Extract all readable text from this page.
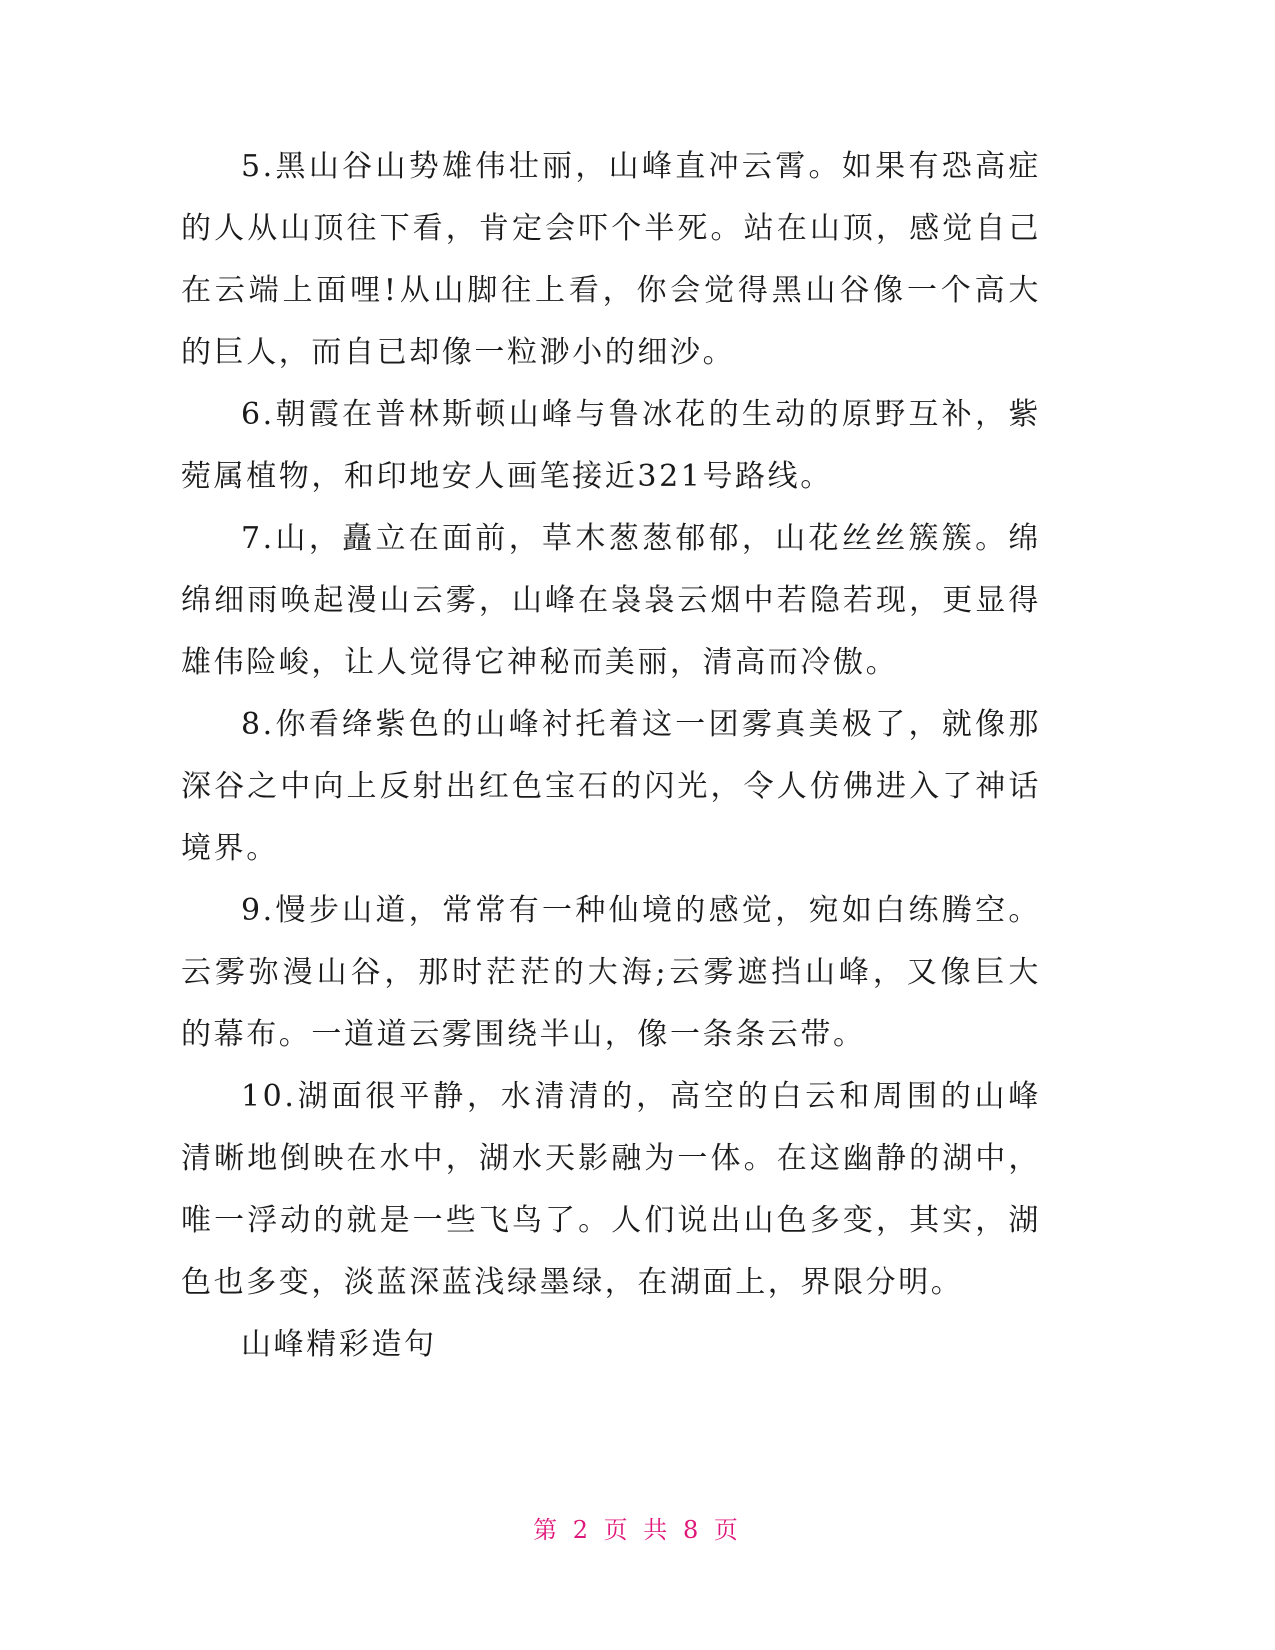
5.黑山谷山势雄伟壮丽，山峰直冲云霄。如果有恐高症的人从山顶往下看，肯定会吓个半死。站在山顶，感觉自己在云端上面哩!从山脚往上看，你会觉得黑山谷像一个高大的巨人，而自已却像一粒渺小的细沙。

6.朝霞在普林斯顿山峰与鲁冰花的生动的原野互补，紫菀属植物，和印地安人画笔接近321号路线。

7.山，矗立在面前，草木葱葱郁郁，山花丝丝簇簇。绵绵细雨唤起漫山云雾，山峰在袅袅云烟中若隐若现，更显得雄伟险峻，让人觉得它神秘而美丽，清高而冷傲。

8.你看绛紫色的山峰衬托着这一团雾真美极了，就像那深谷之中向上反射出红色宝石的闪光，令人仿佛进入了神话境界。

9.慢步山道，常常有一种仙境的感觉，宛如白练腾空。云雾弥漫山谷，那时茫茫的大海;云雾遮挡山峰，又像巨大的幕布。一道道云雾围绕半山，像一条条云带。

10.湖面很平静，水清清的，高空的白云和周围的山峰清晰地倒映在水中，湖水天影融为一体。在这幽静的湖中，唯一浮动的就是一些飞鸟了。人们说出山色多变，其实，湖色也多变，淡蓝深蓝浅绿墨绿，在湖面上，界限分明。

山峰精彩造句

第 2 页 共 8 页
